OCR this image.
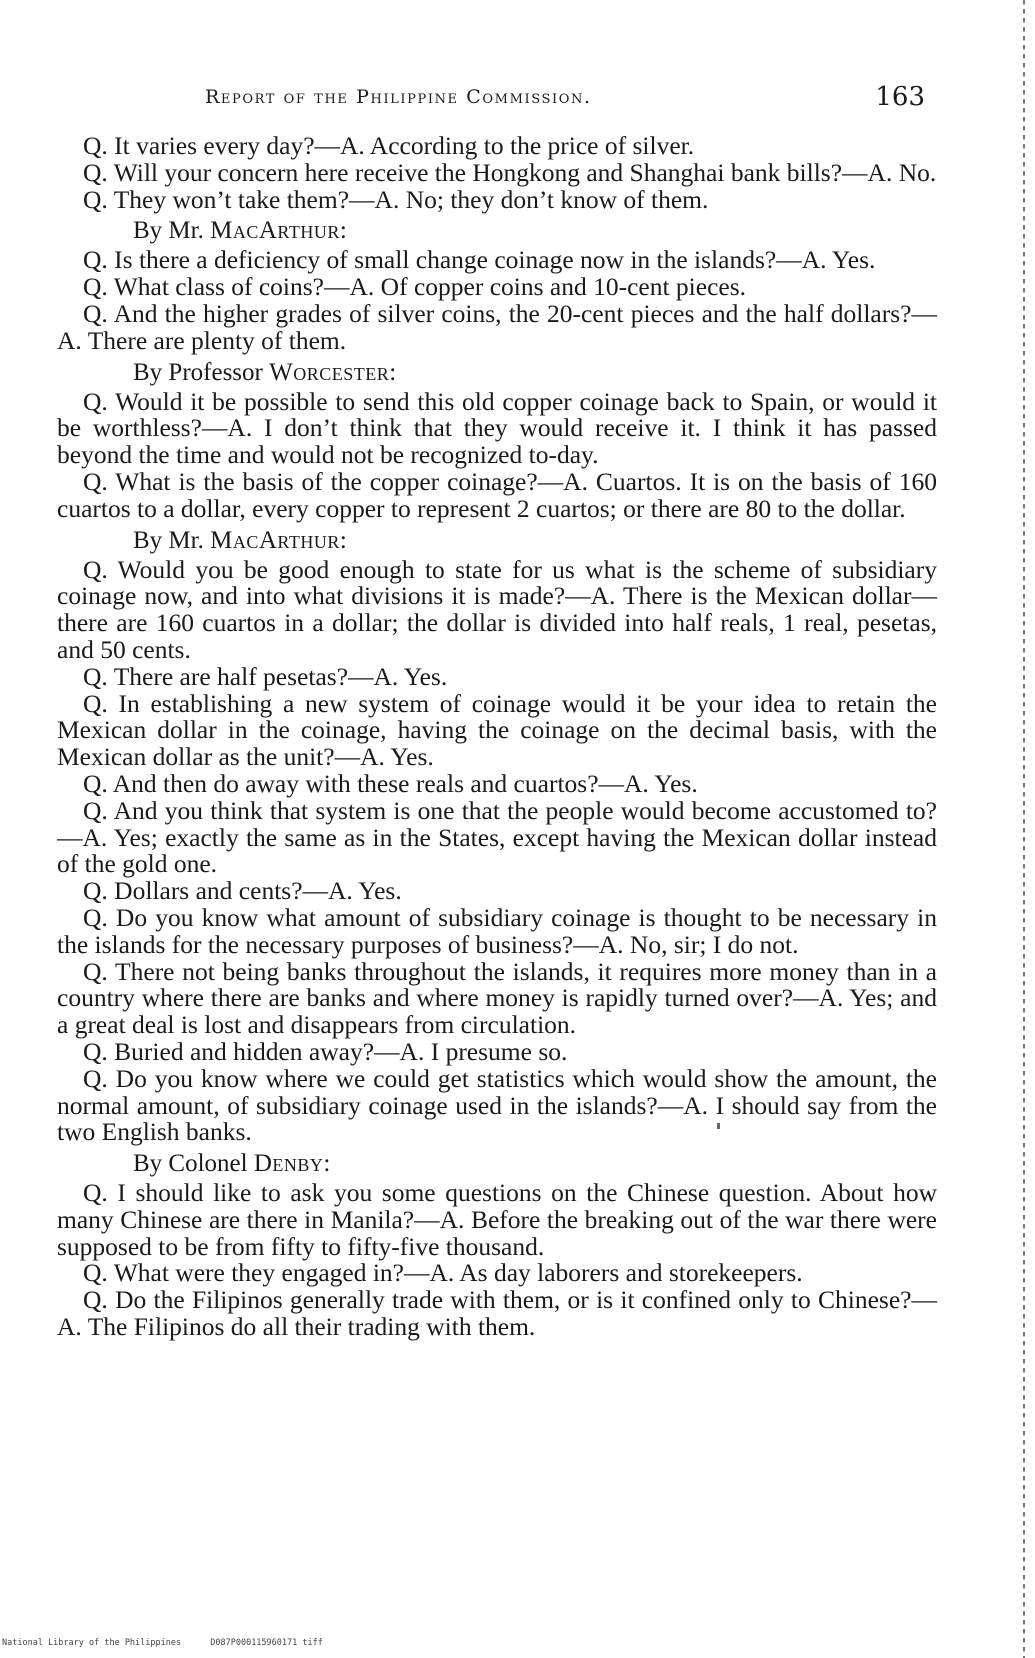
Report of the Philippine Commission.	163

Q. It varies every day?—A. According to the price of silver.

Q. Will your concern here receive the Hongkong and Shanghai bank bills?—A. No.

Q. They won’t take them?—A. No; they don’t know of them.

By Mr. MacArthur:

Q. Is there a deficiency of small change coinage now in the islands?—A. Yes.

Q. What class of coins?—A. Of copper coins and 10-cent pieces.

Q. And the higher grades of silver coins, the 20-cent pieces and the half dollars?—A. There are plenty of them.

By Professor Worcester:

Q. Would it be possible to send this old copper coinage back to Spain, or would it be worthless?—A. I don’t think that they would receive it. I think it has passed beyond the time and would not be recognized to-day.

Q. What is the basis of the copper coinage?—A. Cuartos. It is on the basis of 160 cuartos to a dollar, every copper to represent 2 cuartos; or there are 80 to the dollar.

By Mr. MacArthur:

Q. Would you be good enough to state for us what is the scheme of subsidiary coinage now, and into what divisions it is made?—A. There is the Mexican dollar—there are 160 cuartos in a dollar; the dollar is divided into half reals, 1 real, pesetas, and 50 cents.

Q. There are half pesetas?—A. Yes.

Q. In establishing a new system of coinage would it be your idea to retain the Mexican dollar in the coinage, having the coinage on the decimal basis, with the Mexican dollar as the unit?—A. Yes.

Q. And then do away with these reals and cuartos?—A. Yes.

Q. And you think that system is one that the people would become accustomed to?—A. Yes; exactly the same as in the States, except having the Mexican dollar instead of the gold one.

Q. Dollars and cents?—A. Yes.

Q. Do you know what amount of subsidiary coinage is thought to be necessary in the islands for the necessary purposes of business?—A. No, sir; I do not.

Q. There not being banks throughout the islands, it requires more money than in a country where there are banks and where money is rapidly turned over?—A. Yes; and a great deal is lost and disappears from circulation.

Q. Buried and hidden away?—A. I presume so.

Q. Do you know where we could get statistics which would show the amount, the normal amount, of subsidiary coinage used in the islands?—A. I should say from the two English banks.

By Colonel Denby:

Q. I should like to ask you some questions on the Chinese question. About how many Chinese are there in Manila?—A. Before the breaking out of the war there were supposed to be from fifty to fifty-five thousand.

Q. What were they engaged in?—A. As day laborers and storekeepers.

Q. Do the Filipinos generally trade with them, or is it confined only to Chinese?—A. The Filipinos do all their trading with them.

National Library of the Philippines	D087P000115960171 tiff
